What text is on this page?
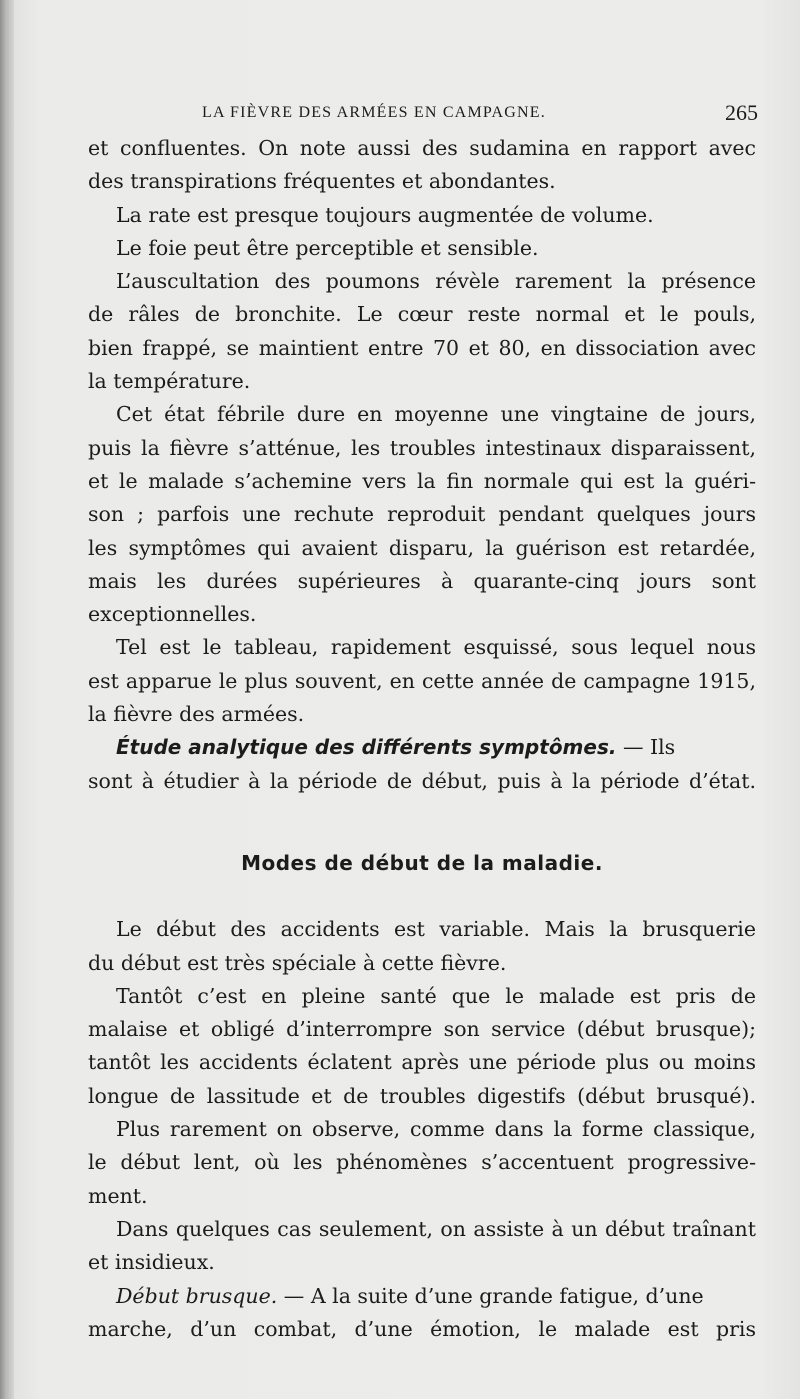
LA FIÈVRE DES ARMÉES EN CAMPAGNE.	265
et confluentes. On note aussi des sudamina en rapport avec
des transpirations fréquentes et abondantes.
La rate est presque toujours augmentée de volume.
Le foie peut être perceptible et sensible.
L’auscultation des poumons révèle rarement la présence
de râles de bronchite. Le cœur reste normal et le pouls,
bien frappé, se maintient entre 70 et 80, en dissociation avec
la température.
Cet état fébrile dure en moyenne une vingtaine de jours,
puis la fièvre s’atténue, les troubles intestinaux disparaissent,
et le malade s’achemine vers la fin normale qui est la guéri-
son ; parfois une rechute reproduit pendant quelques jours
les symptômes qui avaient disparu, la guérison est retardée,
mais les durées supérieures à quarante-cinq jours sont
exceptionnelles.
Tel est le tableau, rapidement esquissé, sous lequel nous
est apparue le plus souvent, en cette année de campagne 1915,
la fièvre des armées.
Étude analytique des différents symptômes. — Ils
sont à étudier à la période de début, puis à la période d’état.
Modes de début de la maladie.
Le début des accidents est variable. Mais la brusquerie
du début est très spéciale à cette fièvre.
Tantôt c’est en pleine santé que le malade est pris de
malaise et obligé d’interrompre son service (début brusque);
tantôt les accidents éclatent après une période plus ou moins
longue de lassitude et de troubles digestifs (début brusqué).
Plus rarement on observe, comme dans la forme classique,
le début lent, où les phénomènes s’accentuent progressive-
ment.
Dans quelques cas seulement, on assiste à un début traînant
et insidieux.
Début brusque. — A la suite d’une grande fatigue, d’une
marche, d’un combat, d’une émotion, le malade est pris
